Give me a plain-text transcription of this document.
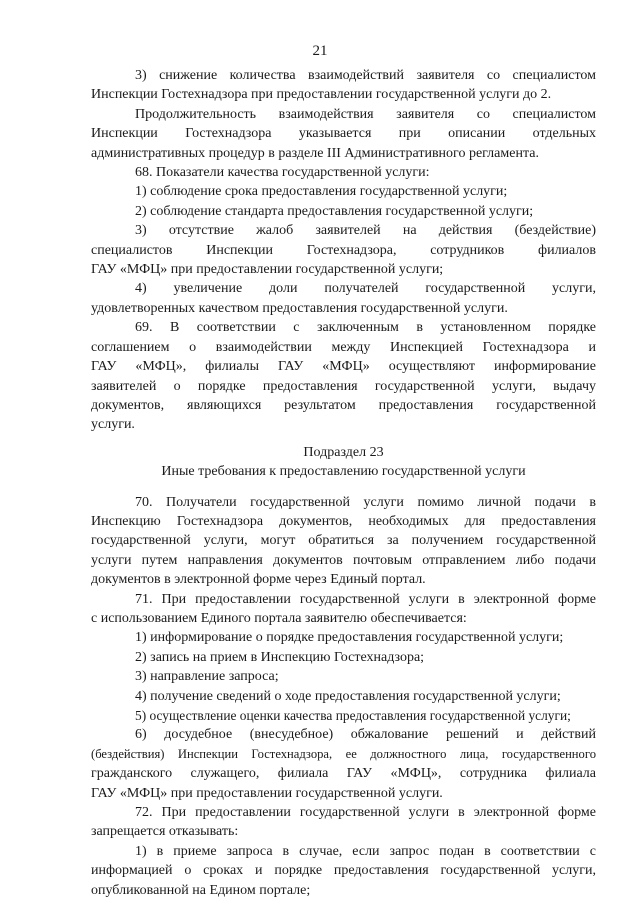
21

3) снижение количества взаимодействий заявителя со специалистом

Инспекции Гостехнадзора при предоставлении государственной услуги до 2.

Продолжительность взаимодействия заявителя со специалистом

Инспекции Гостехнадзора указывается при описании отдельных

административных процедур в разделе III Административного регламента.

68. Показатели качества государственной услуги:

1) соблюдение срока предоставления государственной услуги;

2) соблюдение стандарта предоставления государственной услуги;

3) отсутствие жалоб заявителей на действия (бездействие)

специалистов Инспекции Гостехнадзора, сотрудников филиалов

ГАУ «МФЦ» при предоставлении государственной услуги;

4) увеличение доли получателей государственной услуги,

удовлетворенных качеством предоставления государственной услуги.

69. В соответствии с заключенным в установленном порядке

соглашением о взаимодействии между Инспекцией Гостехнадзора и

ГАУ «МФЦ», филиалы ГАУ «МФЦ» осуществляют информирование

заявителей о порядке предоставления государственной услуги, выдачу

документов, являющихся результатом предоставления государственной

услуги.

Подраздел 23

Иные требования к предоставлению государственной услуги

70. Получатели государственной услуги помимо личной подачи в

Инспекцию Гостехнадзора документов, необходимых для предоставления

государственной услуги, могут обратиться за получением государственной

услуги путем направления документов почтовым отправлением либо подачи

документов в электронной форме через Единый портал.

71. При предоставлении государственной услуги в электронной форме

с использованием Единого портала заявителю обеспечивается:

1) информирование о порядке предоставления государственной услуги;

2) запись на прием в Инспекцию Гостехнадзора;

3) направление запроса;

4) получение сведений о ходе предоставления государственной услуги;

5) осуществление оценки качества предоставления государственной услуги;

6) досудебное (внесудебное) обжалование решений и действий

(бездействия) Инспекции Гостехнадзора, ее должностного лица, государственного

гражданского служащего, филиала ГАУ «МФЦ», сотрудника филиала

ГАУ «МФЦ» при предоставлении государственной услуги.

72. При предоставлении государственной услуги в электронной форме

запрещается отказывать:

1) в приеме запроса в случае, если запрос подан в соответствии с

информацией о сроках и порядке предоставления государственной услуги,

опубликованной на Едином портале;
